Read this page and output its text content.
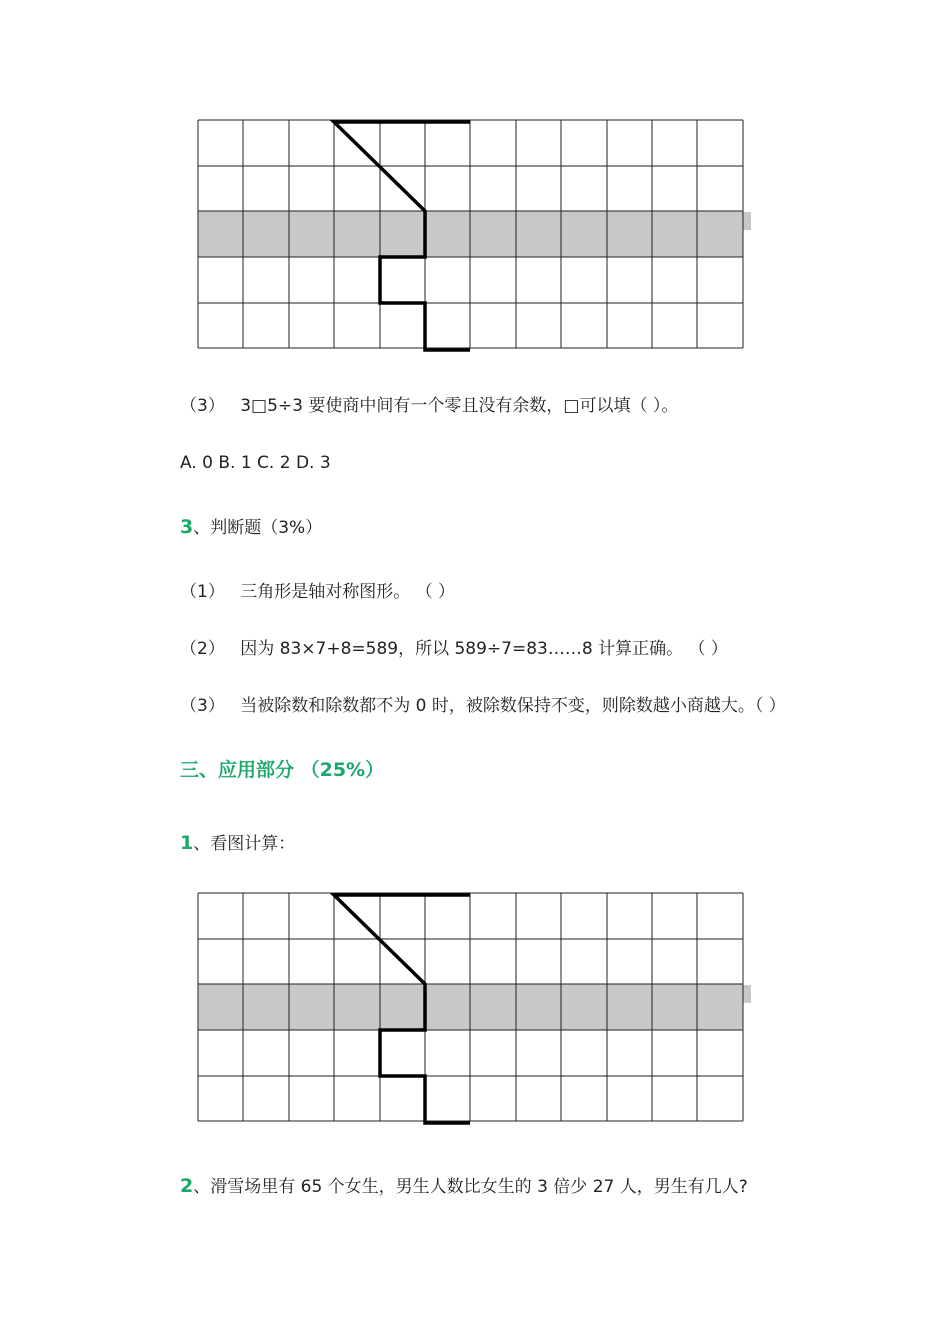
（3） 3□5÷3 要使商中间有一个零且没有余数，□可以填（ ）。
A. 0 B. 1 C. 2 D. 3
3、判断题（3%）
（1） 三角形是轴对称图形。 （ ）
（2） 因为 83×7+8=589，所以 589÷7=83……8 计算正确。 （ ）
（3） 当被除数和除数都不为 0 时，被除数保持不变，则除数越小商越大。（ ）
三、应用部分 （25%）
1、看图计算：
2、滑雪场里有 65 个女生，男生人数比女生的 3 倍少 27 人，男生有几人?
